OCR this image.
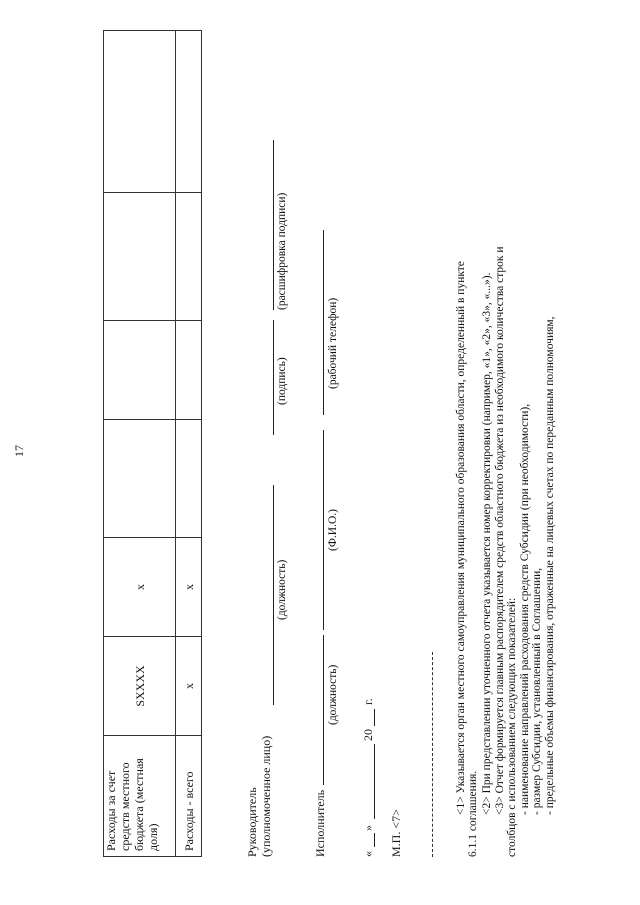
17
Расходы за счет средств местного бюджета (местная доля)	SXXXX	x				
Расходы - всего	x	x				
Руководитель (уполномоченное лицо)
(должность)
(подпись)
(расшифровка подписи)
Исполнитель
(должность)
(Ф.И.О.)
(рабочий телефон)
«
»
20
г.
М.П. <7>
<1> Указывается орган местного самоуправления муниципального образования области, определенный в пункте 6.1.1 соглашения. <2> При представлении уточненного отчета указывается номер корректировки (например, «1», «2», «3», «...»). <3> Отчет формируется главным распорядителем средств областного бюджета из необходимого количества строк и столбцов с использованием следующих показателей: - наименование направлений расходования средств Субсидии (при необходимости), - размер Субсидии, установленный в Соглашении, - предельные объемы финансирования, отраженные на лицевых счетах по переданным полномочиям,
